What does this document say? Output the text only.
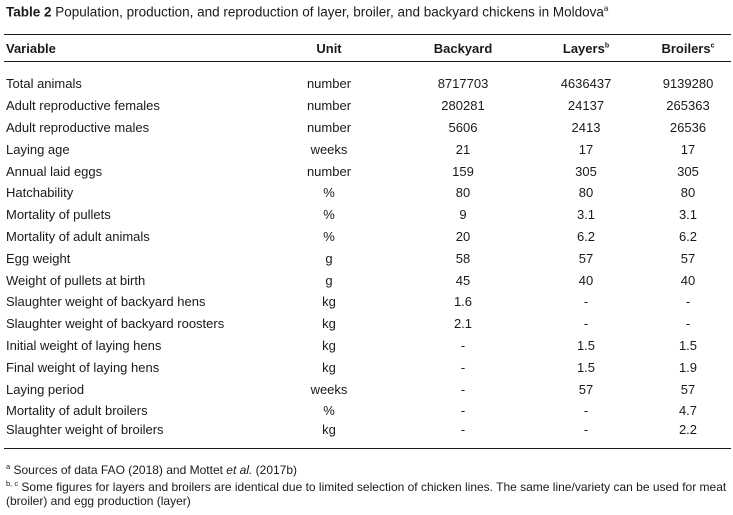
Table 2 Population, production, and reproduction of layer, broiler, and backyard chickens in Moldova$^a$
Variable	Unit	Backyard	Layers$^b$	Broilers$^c$

Total animals	number	8717703	4636437	9139280
Adult reproductive females	number	280281	24137	265363
Adult reproductive males	number	5606	2413	26536
Laying age	weeks	21	17	17
Annual laid eggs	number	159	305	305
Hatchability	%	80	80	80
Mortality of pullets	%	9	3.1	3.1
Mortality of adult animals	%	20	6.2	6.2
Egg weight	g	58	57	57
Weight of pullets at birth	g	45	40	40
Slaughter weight of backyard hens	kg	1.6	-	-
Slaughter weight of backyard roosters	kg	2.1	-	-
Initial weight of laying hens	kg	-	1.5	1.5
Final weight of laying hens	kg	-	1.5	1.9
Laying period	weeks	-	57	57
Mortality of adult broilers	%	-	-	4.7
Slaughter weight of broilers	kg	-	-	2.2

$^a$ Sources of data FAO (2018) and Mottet et al. (2017b)

$^{b, c}$ Some figures for layers and broilers are identical due to limited selection of chicken lines. The same line/variety can be used for meat (broiler) and egg production (layer)
